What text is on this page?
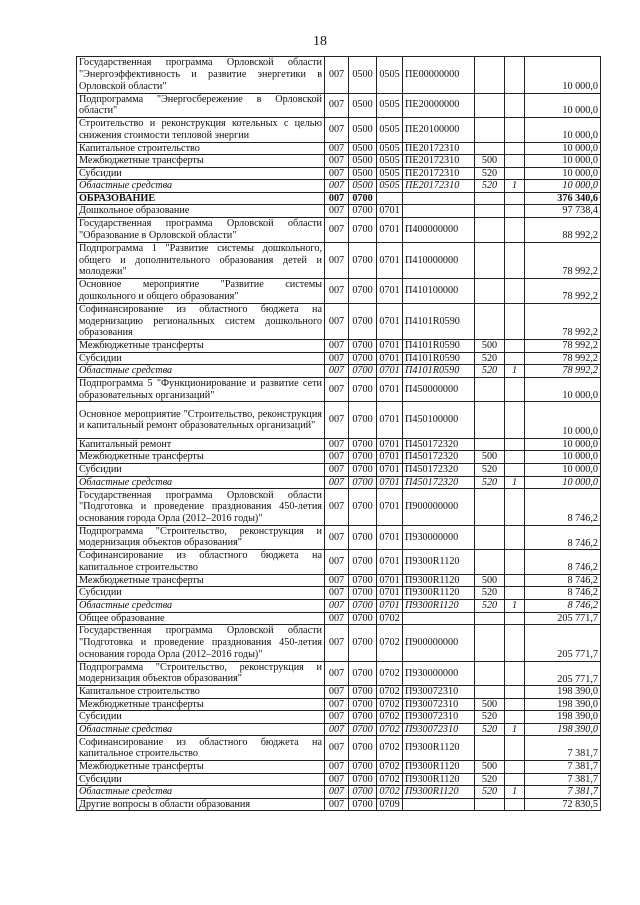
18
Государственная программа Орловской области "Энергоэффективность и развитие энергетики в Орловской области"	007	0500	0505	ПЕ00000000			10 000,0
Подпрограмма "Энергосбережение в Орловской области"	007	0500	0505	ПЕ20000000			10 000,0
Строительство и реконструкция котельных с целью снижения стоимости тепловой энергии	007	0500	0505	ПЕ20100000			10 000,0
Капитальное строительство	007	0500	0505	ПЕ20172310			10 000,0
Межбюджетные трансферты	007	0500	0505	ПЕ20172310	500		10 000,0
Субсидии	007	0500	0505	ПЕ20172310	520		10 000,0
Областные средства	007	0500	0505	ПЕ20172310	520	1	10 000,0
ОБРАЗОВАНИЕ	007	0700					376 340,6
Дошкольное образование	007	0700	0701				97 738,4
Государственная программа Орловской области "Образование в Орловской области"	007	0700	0701	П400000000			88 992,2
Подпрограмма 1 "Развитие системы дошкольного, общего и дополнительного образования детей и молодежи"	007	0700	0701	П410000000			78 992,2
Основное мероприятие "Развитие системы дошкольного и общего образования"	007	0700	0701	П410100000			78 992,2
Софинансирование из областного бюджета на модернизацию региональных систем дошкольного образования	007	0700	0701	П4101R0590			78 992,2
Межбюджетные трансферты	007	0700	0701	П4101R0590	500		78 992,2
Субсидии	007	0700	0701	П4101R0590	520		78 992,2
Областные средства	007	0700	0701	П4101R0590	520	1	78 992,2
Подпрограмма 5 "Функционирование и развитие сети образовательных организаций"	007	0700	0701	П450000000			10 000,0
Основное мероприятие "Строительство, реконструкция и капитальный ремонт образовательных организаций"	007	0700	0701	П450100000			10 000,0
Капитальный ремонт	007	0700	0701	П450172320			10 000,0
Межбюджетные трансферты	007	0700	0701	П450172320	500		10 000,0
Субсидии	007	0700	0701	П450172320	520		10 000,0
Областные средства	007	0700	0701	П450172320	520	1	10 000,0
Государственная программа Орловской области "Подготовка и проведение празднования 450-летия основания города Орла (2012–2016 годы)"	007	0700	0701	П900000000			8 746,2
Подпрограмма "Строительство, реконструкция и модернизация объектов образования"	007	0700	0701	П930000000			8 746,2
Софинансирование из областного бюджета на капитальное строительство	007	0700	0701	П9300R1120			8 746,2
Межбюджетные трансферты	007	0700	0701	П9300R1120	500		8 746,2
Субсидии	007	0700	0701	П9300R1120	520		8 746,2
Областные средства	007	0700	0701	П9300R1120	520	1	8 746,2
Общее образование	007	0700	0702				205 771,7
Государственная программа Орловской области "Подготовка и проведение празднования 450-летия основания города Орла (2012–2016 годы)"	007	0700	0702	П900000000			205 771,7
Подпрограмма "Строительство, реконструкция и модернизация объектов образования"	007	0700	0702	П930000000			205 771,7
Капитальное строительство	007	0700	0702	П930072310			198 390,0
Межбюджетные трансферты	007	0700	0702	П930072310	500		198 390,0
Субсидии	007	0700	0702	П930072310	520		198 390,0
Областные средства	007	0700	0702	П930072310	520	1	198 390,0
Софинансирование из областного бюджета на капитальное строительство	007	0700	0702	П9300R1120			7 381,7
Межбюджетные трансферты	007	0700	0702	П9300R1120	500		7 381,7
Субсидии	007	0700	0702	П9300R1120	520		7 381,7
Областные средства	007	0700	0702	П9300R1120	520	1	7 381,7
Другие вопросы в области образования	007	0700	0709				72 830,5
